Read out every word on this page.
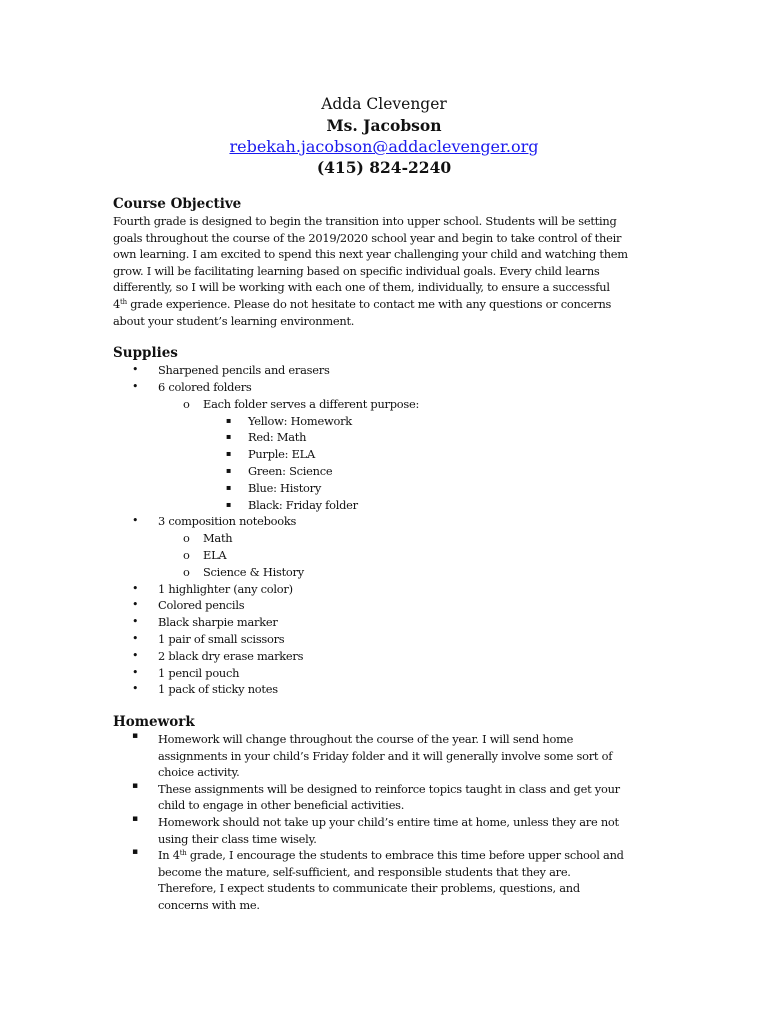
Adda Clevenger
Ms. Jacobson
rebekah.jacobson@addaclevenger.org
(415) 824-2240
Course Objective

Fourth grade is designed to begin the transition into upper school. Students will be setting

goals throughout the course of the 2019/2020 school year and begin to take control of their

own learning. I am excited to spend this next year challenging your child and watching them

grow. I will be facilitating learning based on specific individual goals. Every child learns

differently, so I will be working with each one of them, individually, to ensure a successful

4th grade experience. Please do not hesitate to contact me with any questions or concerns

about your student’s learning environment.

Supplies
• Sharpened pencils and erasers
• 6 colored folders
o Each folder serves a different purpose:
▪ Yellow: Homework
▪ Red: Math
▪ Purple: ELA
▪ Green: Science
▪ Blue: History
▪ Black: Friday folder
• 3 composition notebooks
o Math
o ELA
o Science & History
• 1 highlighter (any color)
• Colored pencils
• Black sharpie marker
• 1 pair of small scissors
• 2 black dry erase markers
• 1 pencil pouch
• 1 pack of sticky notes
Homework
▪ Homework will change throughout the course of the year. I will send home

assignments in your child’s Friday folder and it will generally involve some sort of

choice activity.

▪ These assignments will be designed to reinforce topics taught in class and get your

child to engage in other beneficial activities.

▪ Homework should not take up your child’s entire time at home, unless they are not

using their class time wisely.

▪ In 4th grade, I encourage the students to embrace this time before upper school and

become the mature, self-sufficient, and responsible students that they are.

Therefore, I expect students to communicate their problems, questions, and

concerns with me.
